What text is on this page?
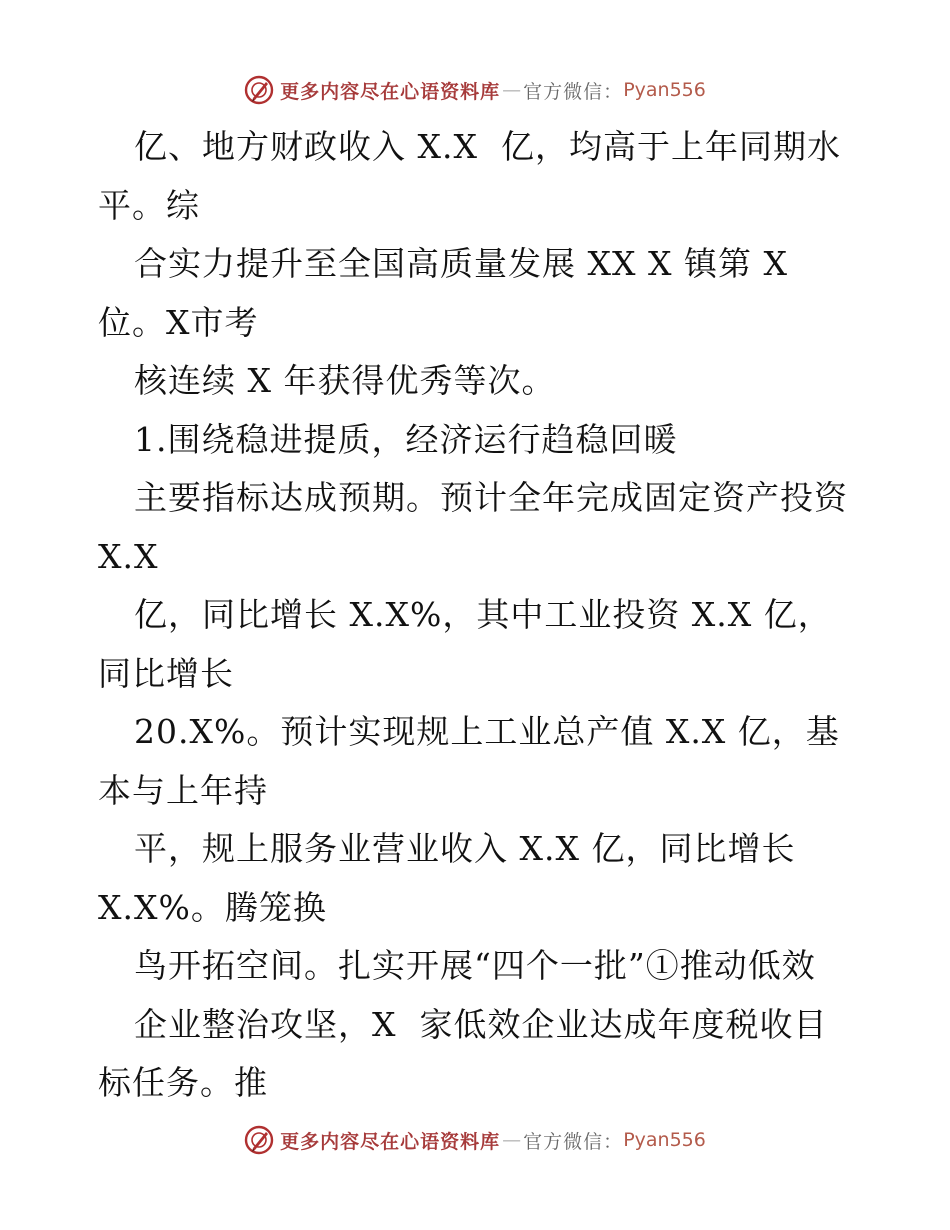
更多内容尽在心语资料库 — 官方微信： Pyan556
亿、地方财政收入 X.X  亿，均高于上年同期水
平。综
合实力提升至全国高质量发展 XX X 镇第 X
位。X市考
核连续 X 年获得优秀等次。
1.围绕稳进提质，经济运行趋稳回暖
主要指标达成预期。预计全年完成固定资产投资
X.X
亿，同比增长 X.X%，其中工业投资 X.X 亿，
同比增长
20.X%。预计实现规上工业总产值 X.X 亿，基
本与上年持
平，规上服务业营业收入 X.X 亿，同比增长
X.X%。腾笼换
鸟开拓空间。扎实开展“四个一批”①推动低效
企业整治攻坚，X  家低效企业达成年度税收目
标任务。推
更多内容尽在心语资料库 — 官方微信： Pyan556
